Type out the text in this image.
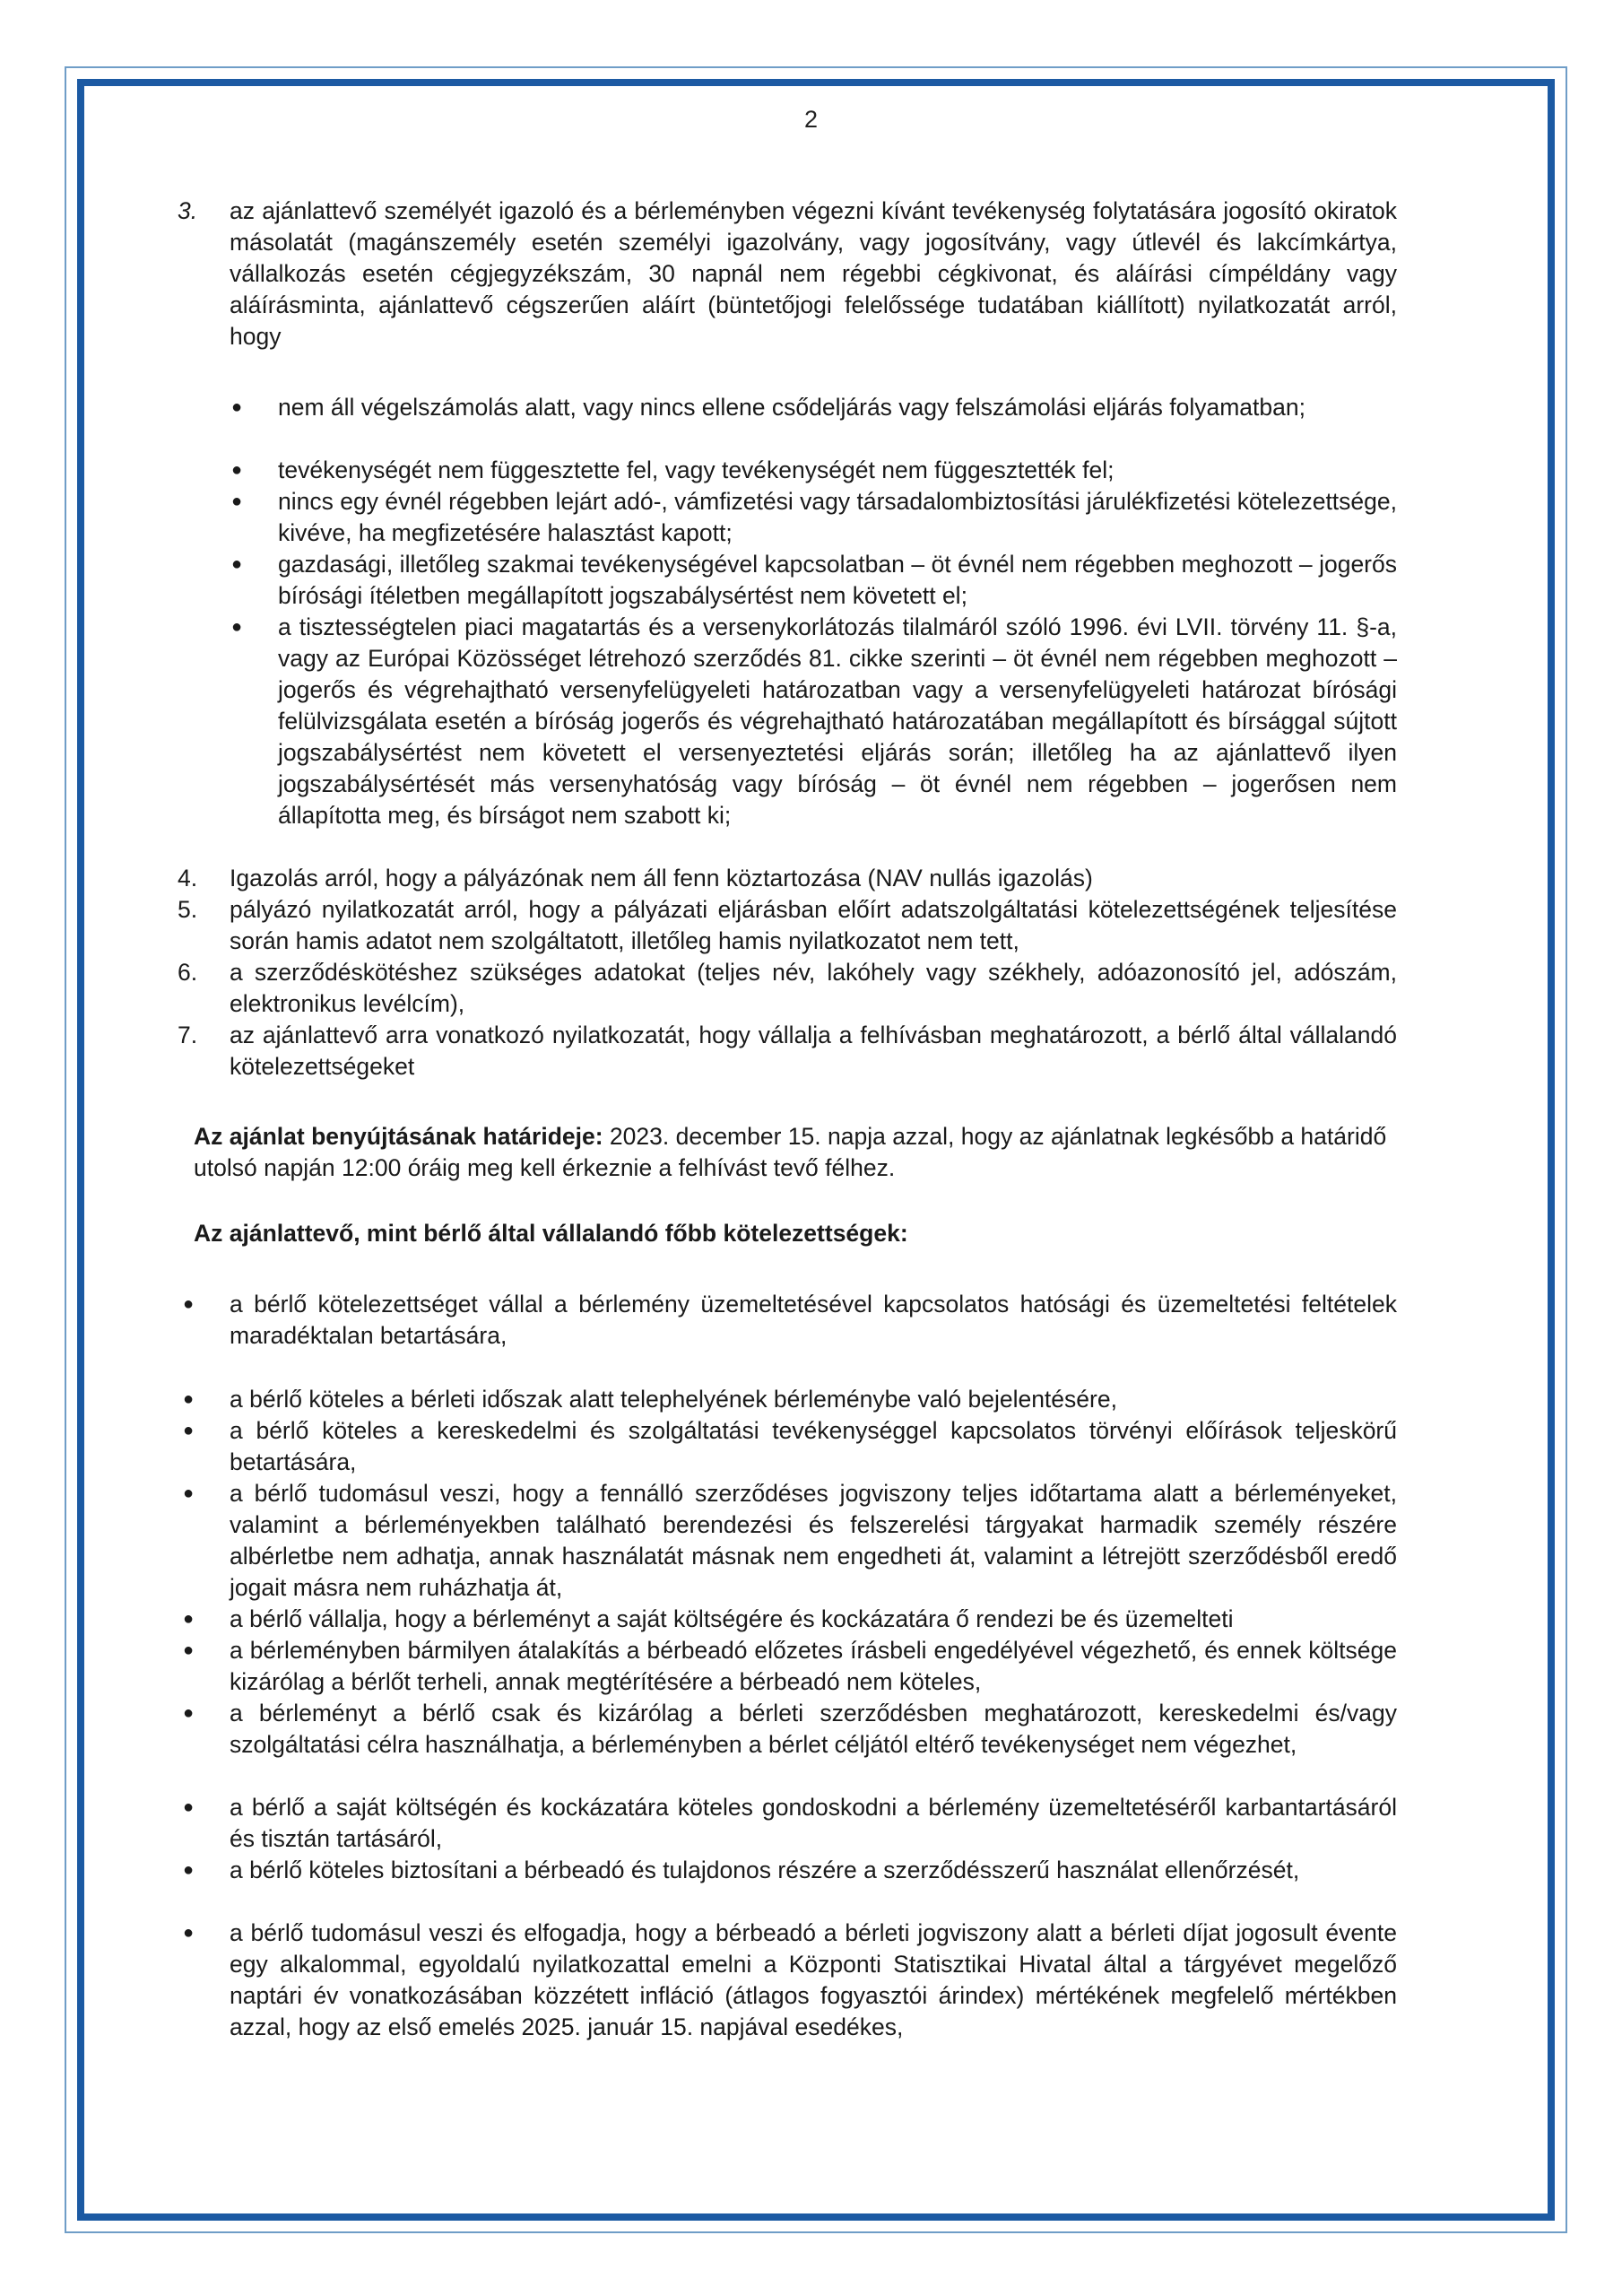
2
3.	az ajánlattevő személyét igazoló és a bérleményben végezni kívánt tevékenység folytatására jogosító okiratok másolatát (magánszemély esetén személyi igazolvány, vagy jogosítvány, vagy útlevél és lakcímkártya, vállalkozás esetén cégjegyzékszám, 30 napnál nem régebbi cégkivonat, és aláírási címpéldány vagy aláírásminta, ajánlattevő cégszerűen aláírt (büntetőjogi felelőssége tudatában kiállított) nyilatkozatát arról, hogy
●	nem áll végelszámolás alatt, vagy nincs ellene csődeljárás vagy felszámolási eljárás folyamatban;
●	tevékenységét nem függesztette fel, vagy tevékenységét nem függesztették fel;
●	nincs egy évnél régebben lejárt adó-, vámfizetési vagy társadalombiztosítási járulékfizetési kötelezettsége, kivéve, ha megfizetésére halasztást kapott;
●	gazdasági, illetőleg szakmai tevékenységével kapcsolatban – öt évnél nem régebben meghozott – jogerős bírósági ítéletben megállapított jogszabálysértést nem követett el;
●	a tisztességtelen piaci magatartás és a versenykorlátozás tilalmáról szóló 1996. évi LVII. törvény 11. §-a, vagy az Európai Közösséget létrehozó szerződés 81. cikke szerinti – öt évnél nem régebben meghozott – jogerős és végrehajtható versenyfelügyeleti határozatban vagy a versenyfelügyeleti határozat bírósági felülvizsgálata esetén a bíróság jogerős és végrehajtható határozatában megállapított és bírsággal sújtott jogszabálysértést nem követett el versenyeztetési eljárás során; illetőleg ha az ajánlattevő ilyen jogszabálysértését más versenyhatóság vagy bíróság – öt évnél nem régebben – jogerősen nem állapította meg, és bírságot nem szabott ki;
4.	Igazolás arról, hogy a pályázónak nem áll fenn köztartozása (NAV nullás igazolás)
5.	pályázó nyilatkozatát arról, hogy a pályázati eljárásban előírt adatszolgáltatási kötelezettségének teljesítése során hamis adatot nem szolgáltatott, illetőleg hamis nyilatkozatot nem tett,
6.	a szerződéskötéshez szükséges adatokat (teljes név, lakóhely vagy székhely, adóazonosító jel, adószám, elektronikus levélcím),
7.	az ajánlattevő arra vonatkozó nyilatkozatát, hogy vállalja a felhívásban meghatározott, a bérlő által vállalandó kötelezettségeket
Az ajánlat benyújtásának határideje: 2023. december 15. napja azzal, hogy az ajánlatnak legkésőbb a határidő utolsó napján 12:00 óráig meg kell érkeznie a felhívást tevő félhez.
Az ajánlattevő, mint bérlő által vállalandó főbb kötelezettségek:
●	a bérlő kötelezettséget vállal a bérlemény üzemeltetésével kapcsolatos hatósági és üzemeltetési feltételek maradéktalan betartására,
●	a bérlő köteles a bérleti időszak alatt telephelyének bérleménybe való bejelentésére,
●	a bérlő köteles a kereskedelmi és szolgáltatási tevékenységgel kapcsolatos törvényi előírások teljeskörű betartására,
●	a bérlő tudomásul veszi, hogy a fennálló szerződéses jogviszony teljes időtartama alatt a bérleményeket, valamint a bérleményekben található berendezési és felszerelési tárgyakat harmadik személy részére albérletbe nem adhatja, annak használatát másnak nem engedheti át, valamint a létrejött szerződésből eredő jogait másra nem ruházhatja át,
●	a bérlő vállalja, hogy a bérleményt a saját költségére és kockázatára ő rendezi be és üzemelteti
●	a bérleményben bármilyen átalakítás a bérbeadó előzetes írásbeli engedélyével végezhető, és ennek költsége kizárólag a bérlőt terheli, annak megtérítésére a bérbeadó nem köteles,
●	a bérleményt a bérlő csak és kizárólag a bérleti szerződésben meghatározott, kereskedelmi és/vagy szolgáltatási célra használhatja, a bérleményben a bérlet céljától eltérő tevékenységet nem végezhet,
●	a bérlő a saját költségén és kockázatára köteles gondoskodni a bérlemény üzemeltetéséről karbantartásáról és tisztán tartásáról,
●	a bérlő köteles biztosítani a bérbeadó és tulajdonos részére a szerződésszerű használat ellenőrzését,
●	a bérlő tudomásul veszi és elfogadja, hogy a bérbeadó a bérleti jogviszony alatt a bérleti díjat jogosult évente egy alkalommal, egyoldalú nyilatkozattal emelni a Központi Statisztikai Hivatal által a tárgyévet megelőző naptári év vonatkozásában közzétett infláció (átlagos fogyasztói árindex) mértékének megfelelő mértékben azzal, hogy az első emelés 2025. január 15. napjával esedékes,
